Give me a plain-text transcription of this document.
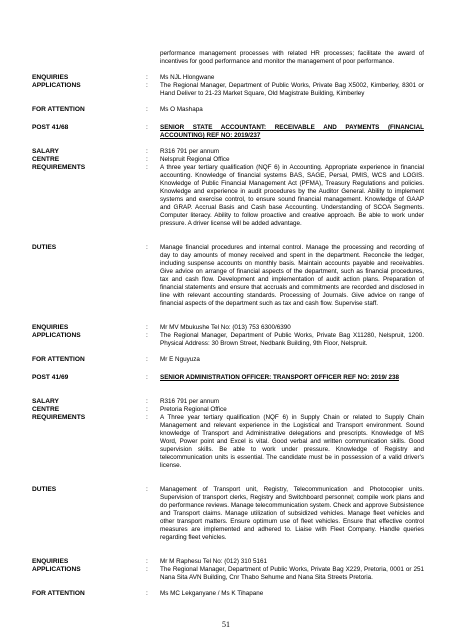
performance management processes with related HR processes; facilitate the award of incentives for good performance and monitor the management of poor performance.
ENQUIRIES	: Ms NJL Hlongwane
APPLICATIONS	: The Regional Manager, Department of Public Works, Private Bag X5002, Kimberley, 8301 or Hand Deliver to 21-23 Market Square, Old Magistrate Building, Kimberley
FOR ATTENTION	: Ms O Mashapa
POST 41/68	: SENIOR STATE ACCOUNTANT: RECEIVABLE AND PAYMENTS (FINANCIAL ACCOUNTING) REF NO: 2019/237
SALARY	: R316 791 per annum
CENTRE	: Nelspruit Regional Office
REQUIREMENTS	: A three year tertiary qualification (NQF 6) in Accounting. Appropriate experience in financial accounting. Knowledge of financial systems BAS, SAGE, Persal, PMIS, WCS and LOGIS. Knowledge of Public Financial Management Act (PFMA), Treasury Regulations and policies. Knowledge and experience in audit procedures by the Auditor General. Ability to implement systems and exercise control, to ensure sound financial management. Knowledge of GAAP and GRAP. Accrual Basis and Cash base Accounting. Understanding of SCOA Segments. Computer literacy. Ability to follow proactive and creative approach. Be able to work under pressure. A driver license will be added advantage.
DUTIES	: Manage financial procedures and internal control. Manage the processing and recording of day to day amounts of money received and spent in the department. Reconcile the ledger, including suspense accounts on monthly basis. Maintain accounts payable and receivables. Give advice on arrange of financial aspects of the department, such as financial procedures, tax and cash flow. Development and implementation of audit action plans. Preparation of financial statements and ensure that accruals and commitments are recorded and disclosed in line with relevant accounting standards. Processing of Journals. Give advice on range of financial aspects of the department such as tax and cash flow. Supervise staff.
ENQUIRIES	: Mr MV Mbukushe Tel No: (013) 753 6300/6390
APPLICATIONS	: The Regional Manager, Department of Public Works, Private Bag X11280, Nelspruit, 1200. Physical Address: 30 Brown Street, Nedbank Building, 9th Floor, Nelspruit.
FOR ATTENTION	: Mr E Nguyuza
POST 41/69	: SENIOR ADMINISTRATION OFFICER: TRANSPORT OFFICER REF NO: 2019/ 238
SALARY	: R316 791 per annum
CENTRE	: Pretoria Regional Office
REQUIREMENTS	: A Three year tertiary qualification (NQF 6) in Supply Chain or related to Supply Chain Management and relevant experience in the Logistical and Transport environment. Sound knowledge of Transport and Administrative delegations and prescripts. Knowledge of MS Word, Power point and Excel is vital. Good verbal and written communication skills. Good supervision skills. Be able to work under pressure. Knowledge of Registry and telecommunication units is essential. The candidate must be in possession of a valid driver's license.
DUTIES	: Management of Transport unit, Registry, Telecommunication and Photocopier units. Supervision of transport clerks, Registry and Switchboard personnel; compile work plans and do performance reviews. Manage telecommunication system. Check and approve Subsistence and Transport claims. Manage utilization of subsidized vehicles. Manage fleet vehicles and other transport matters. Ensure optimum use of fleet vehicles. Ensure that effective control measures are implemented and adhered to. Liaise with Fleet Company. Handle queries regarding fleet vehicles.
ENQUIRIES	: Mr M Raphesu Tel No: (012) 310 5161
APPLICATIONS	: The Regional Manager, Department of Public Works, Private Bag X229, Pretoria, 0001 or 251 Nana Sita AVN Building, Cnr Thabo Sehume and Nana Sita Streets Pretoria.
FOR ATTENTION	: Ms MC Lekganyane / Ms K Tihapane
51
